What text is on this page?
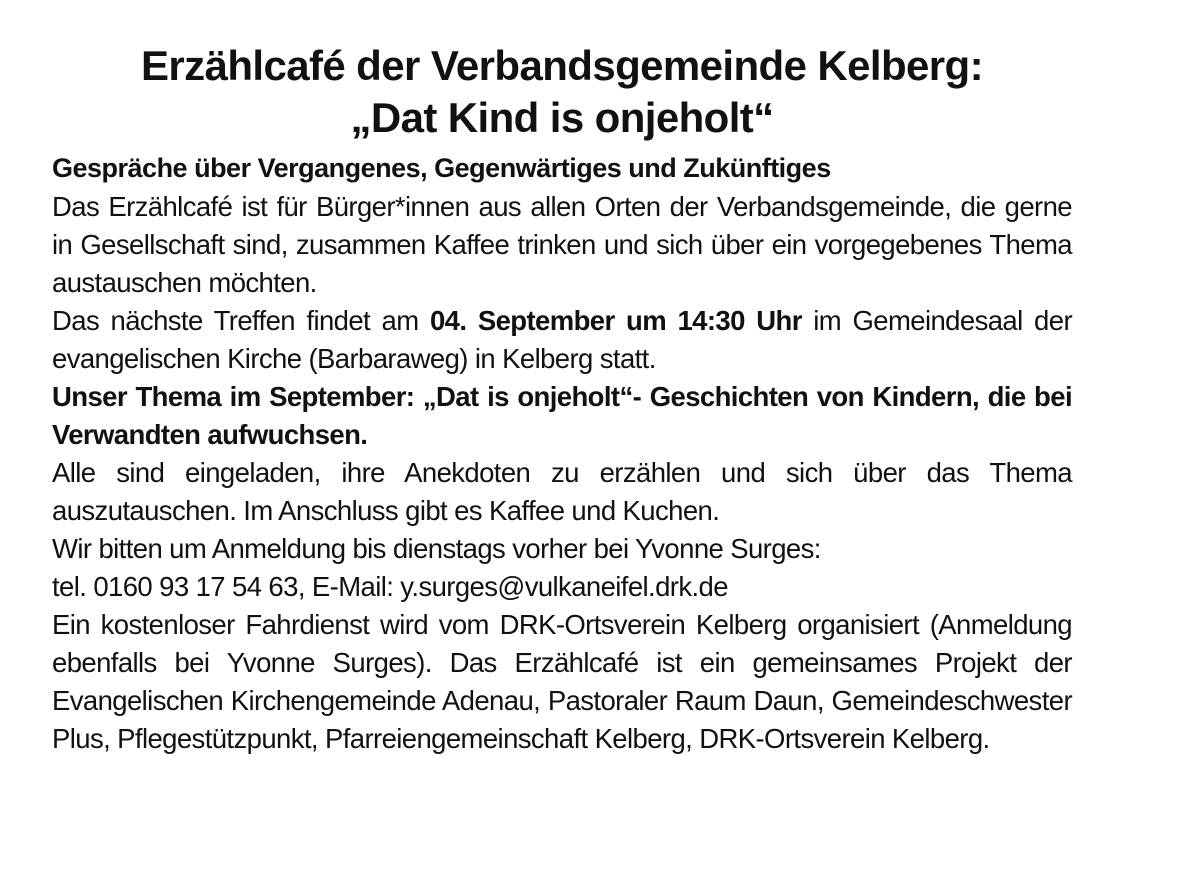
Erzählcafé der Verbandsgemeinde Kelberg:
„Dat Kind is onjeholt“

Gespräche über Vergangenes, Gegenwärtiges und Zukünftiges

Das Erzählcafé ist für Bürger*innen aus allen Orten der Verbandsgemeinde, die gerne in Gesellschaft sind, zusammen Kaffee trinken und sich über ein vorgegebenes Thema austauschen möchten.

Das nächste Treffen findet am 04. September um 14:30 Uhr im Gemeindesaal der evangelischen Kirche (Barbaraweg) in Kelberg statt.

Unser Thema im September: „Dat is onjeholt“- Geschichten von Kindern, die bei Verwandten aufwuchsen.

Alle sind eingeladen, ihre Anekdoten zu erzählen und sich über das Thema auszutauschen. Im Anschluss gibt es Kaffee und Kuchen.

Wir bitten um Anmeldung bis dienstags vorher bei Yvonne Surges:

tel. 0160 93 17 54 63, E-Mail: y.surges@vulkaneifel.drk.de

Ein kostenloser Fahrdienst wird vom DRK-Ortsverein Kelberg organisiert (Anmeldung ebenfalls bei Yvonne Surges). Das Erzählcafé ist ein gemeinsames Projekt der Evangelischen Kirchengemeinde Adenau, Pastoraler Raum Daun, Gemeindeschwester Plus, Pflegestützpunkt, Pfarreiengemeinschaft Kelberg, DRK-Ortsverein Kelberg.
